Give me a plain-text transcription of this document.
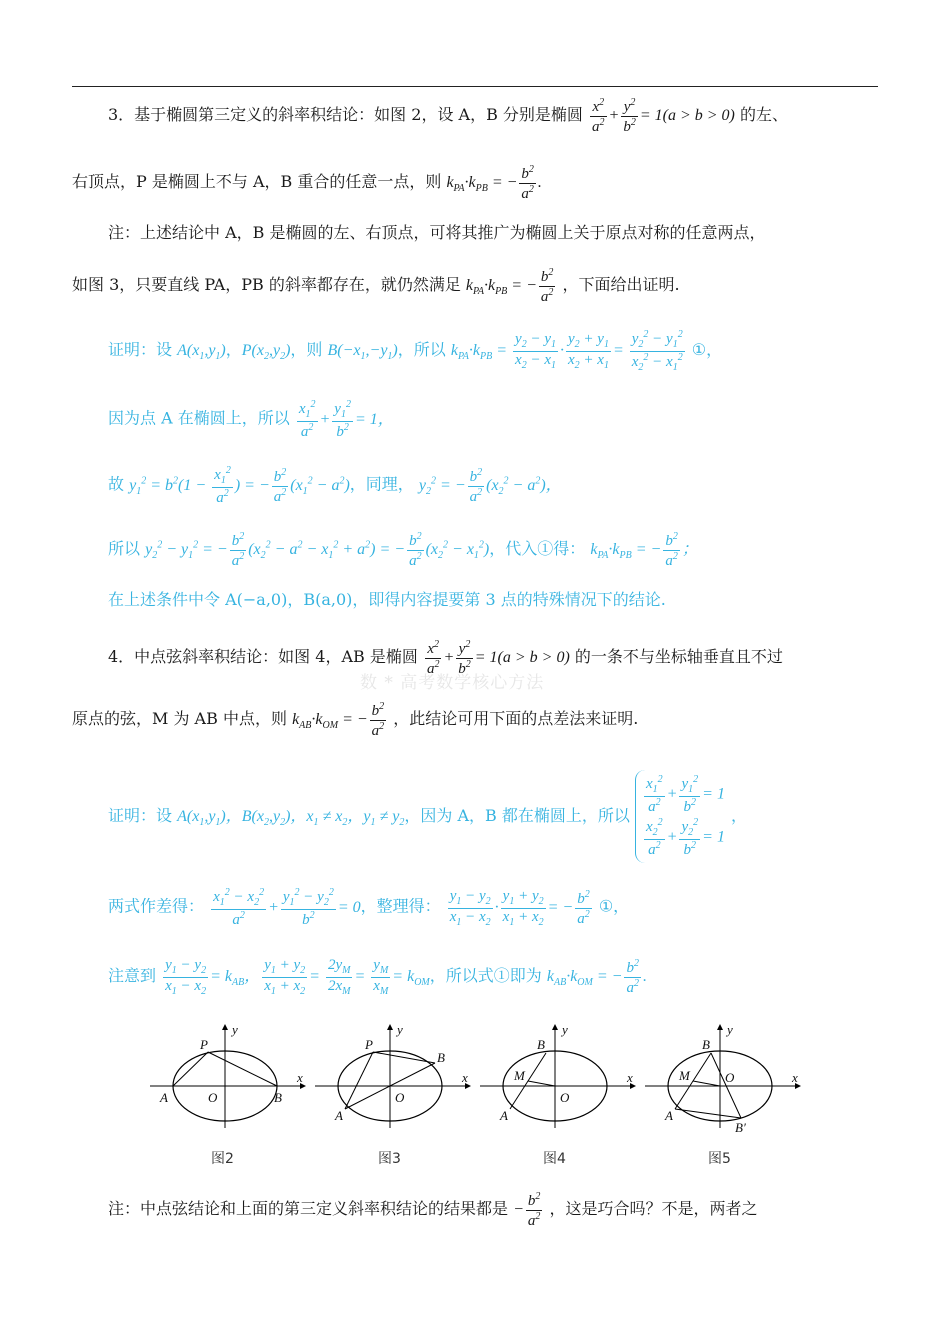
数 * 高考数学核心方法
3．基于椭圆第三定义的斜率积结论：如图 2，设 A，B 分别是椭圆 $\frac{x^2}{a^2} + \frac{y^2}{b^2} = 1(a > b > 0)$ 的左、
右顶点，P 是椭圆上不与 A，B 重合的任意一点，则 $k_{PA}\cdot k_{PB}$ = − $\frac{b^2}{a^2}$ .
注：上述结论中 A，B 是椭圆的左、右顶点，可将其推广为椭圆上关于原点对称的任意两点，
如图 3，只要直线 PA，PB 的斜率都存在，就仍然满足 $k_{PA}\cdot k_{PB}$ = − $\frac{b^2}{a^2}$ ，下面给出证明.
证明：设 $A(x_1,y_1)$，$P(x_2,y_2)$，则 $B(-x_1,-y_1)$，所以 $k_{PA}\cdot k_{PB} = \frac{y_2 - y_1}{x_2 - x_1} \cdot \frac{y_2 + y_1}{x_2 + x_1} = \frac{y_2^2 - y_1^2}{x_2^2 - x_1^2}$ ①，
因为点 A 在椭圆上，所以 $\frac{x_1^2}{a^2} + \frac{y_1^2}{b^2} = 1$，
故 $y_1^2 = b^2(1 - \frac{x_1^2}{a^2}$ ) = − $\frac{b^2}{a^2} (x_1^2 - a^2)$，同理， $y_2^2$ = − $\frac{b^2}{a^2} (x_2^2 - a^2)$，
所以 $y_2^2 - y_1^2$ = − $\frac{b^2}{a^2} (x_2^2 - a^2 - x_1^2 + a^2)$ = − $\frac{b^2}{a^2} (x_2^2 - x_1^2)$，代入①得： $k_{PA}\cdot k_{PB}$ = − $\frac{b^2}{a^2}$ ；
在上述条件中令 A(−a,0)，B(a,0)，即得内容提要第 3 点的特殊情况下的结论.
4．中点弦斜率积结论：如图 4，AB 是椭圆 $\frac{x^2}{a^2} + \frac{y^2}{b^2} = 1(a > b > 0)$ 的一条不与坐标轴垂直且不过
原点的弦，M 为 AB 中点，则 $k_{AB}\cdot k_{OM}$ = − $\frac{b^2}{a^2}$ ，此结论可用下面的点差法来证明.
证明：设 $A(x_1,y_1)$，$B(x_2,y_2)$，$x_1 \ne x_2$，$y_1 \ne y_2$，因为 A，B 都在椭圆上，所以
$\frac{x_1^2}{a^2} + \frac{y_1^2}{b^2} = 1$
$\frac{x_2^2}{a^2} + \frac{y_2^2}{b^2} = 1$
，
两式作差得： $\frac{x_1^2 - x_2^2}{a^2} + \frac{y_1^2 - y_2^2}{b^2} = 0$，整理得： $\frac{y_1 - y_2}{x_1 - x_2} \cdot \frac{y_1 + y_2}{x_1 + x_2}$ = − $\frac{b^2}{a^2}$ ①，
注意到 $\frac{y_1 - y_2}{x_1 - x_2} = k_{AB}$， $\frac{y_1 + y_2}{x_1 + x_2} = \frac{2y_M}{2x_M} = \frac{y_M}{x_M} = k_{OM}$，所以式①即为 $k_{AB}\cdot k_{OM}$ = − $\frac{b^2}{a^2}$ .
P
y
x
A	O	B
P
B
y
x
A
O
B
M
y
x
A
O
B
M
y
x
A
O
B′
图2	图3	图4	图5
注：中点弦结论和上面的第三定义斜率积结论的结果都是 − $\frac{b^2}{a^2}$ ，这是巧合吗？不是，两者之
